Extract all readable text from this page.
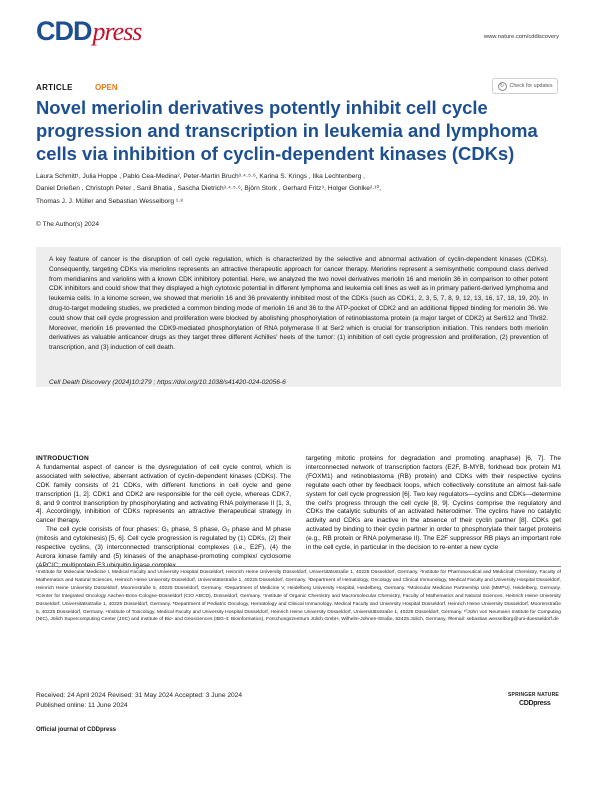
CDDpress	www.nature.com/cddiscovery
ARTICLE	OPEN	↻	Check for updates
Novel meriolin derivatives potently inhibit cell cycle progression and transcription in leukemia and lymphoma cells via inhibition of cyclin-dependent kinases (CDKs)
Laura Schmitt¹, Julia Hoppe , Pablo Cea-Medina², Peter-Martin Bruch³·⁴·⁵·⁶, Karina S. Krings , Ilka Lechtenberg ,
Daniel Drießen , Christoph Peter , Sanil Bhatia , Sascha Dietrich³·⁴·⁵·⁶, Björn Stork , Gerhard Fritz⁹, Holger Gohlke²·¹⁰,
Thomas J. J. Müller and Sebastian Wesselborg ¹·⁸
© The Author(s) 2024
A key feature of cancer is the disruption of cell cycle regulation, which is characterized by the selective and abnormal activation of cyclin-dependent kinases (CDKs). Consequently, targeting CDKs via meriolins represents an attractive therapeutic approach for cancer therapy. Meriolins represent a semisynthetic compound class derived from meridianins and variolins with a known CDK inhibitory potential. Here, we analyzed the two novel derivatives meriolin 16 and meriolin 36 in comparison to other potent CDK inhibitors and could show that they displayed a high cytotoxic potential in different lymphoma and leukemia cell lines as well as in primary patient-derived lymphoma and leukemia cells. In a kinome screen, we showed that meriolin 16 and 36 prevalently inhibited most of the CDKs (such as CDK1, 2, 3, 5, 7, 8, 9, 12, 13, 16, 17, 18, 19, 20). In drug-to-target modeling studies, we predicted a common binding mode of meriolin 16 and 36 to the ATP-pocket of CDK2 and an additional flipped binding for meriolin 36. We could show that cell cycle progression and proliferation were blocked by abolishing phosphorylation of retinoblastoma protein (a major target of CDK2) at Ser612 and Thr82. Moreover, meriolin 16 prevented the CDK9-mediated phosphorylation of RNA polymerase II at Ser2 which is crucial for transcription initiation. This renders both meriolin derivatives as valuable anticancer drugs as they target three different Achilles' heels of the tumor: (1) inhibition of cell cycle progression and proliferation, (2) prevention of transcription, and (3) induction of cell death.
Cell Death Discovery (2024)10:279 ; https://doi.org/10.1038/s41420-024-02056-6

INTRODUCTION

A fundamental aspect of cancer is the dysregulation of cell cycle control, which is associated with selective, aberrant activation of cyclin-dependent kinases (CDKs). The CDK family consists of 21 CDKs, with different functions in cell cycle and gene transcription [1, 2]. CDK1 and CDK2 are responsible for the cell cycle, whereas CDK7, 8, and 9 control transcription by phosphorylating and activating RNA polymerase II [1, 3, 4]. Accordingly, inhibition of CDKs represents an attractive therapeutical strategy in cancer therapy.

The cell cycle consists of four phases: G₁ phase, S phase, G₂ phase and M phase (mitosis and cytokinesis) [5, 6]. Cell cycle progression is regulated by (1) CDKs, (2) their respective cyclins, (3) interconnected transcriptional complexes (i.e., E2F), (4) the Aurora kinase family and (5) kinases of the anaphase-promoting complex/ cyclosome (APC/C; multiprotein E3 ubiquitin ligase complex

targeting mitotic proteins for degradation and promoting anaphase) [6, 7]. The interconnected network of transcription factors (E2F, B-MYB, forkhead box protein M1 (FOXM1) and retinoblastoma (RB) protein) and CDKs with their respective cyclins regulate each other by feedback loops, which collectively constitute an almost fail-safe system for cell cycle progression [6]. Two key regulators—cyclins and CDKs—determine the cell's progress through the cell cycle [8, 9]. Cyclins comprise the regulatory and CDKs the catalytic subunits of an activated heterodimer. The cyclins have no catalytic activity and CDKs are inactive in the absence of their cyclin partner [8]. CDKs get activated by binding to their cyclin partner in order to phosphorylate their target proteins (e.g., RB protein or RNA polymerase II). The E2F suppressor RB plays an important role in the cell cycle, in particular in the decision to re-enter a new cycle

¹Institute for Molecular Medicine I, Medical Faculty and University Hospital Düsseldorf, Heinrich Heine University Düsseldorf, Universitätsstraße 1, 40225 Düsseldorf, Germany. ²Institute for Pharmaceutical and Medicinal Chemistry, Faculty of Mathematics and Natural Sciences, Heinrich Heine University Düsseldorf, Universitätsstraße 1, 40225 Düsseldorf, Germany. ³Department of Hematology, Oncology and Clinical Immunology, Medical Faculty and University Hospital Düsseldorf, Heinrich Heine University Düsseldorf, Moorenstraße 5, 40225 Düsseldorf, Germany. ⁴Department of Medicine V, Heidelberg University Hospital, Heidelberg, Germany. ⁵Molecular Medicine Partnership Unit (MMPU), Heidelberg, Germany. ⁶Center for Integrated Oncology Aachen-Bonn-Cologne-Düsseldorf (CIO ABCD), Düsseldorf, Germany. ⁷Institute of Organic Chemistry and Macromolecular Chemistry, Faculty of Mathematics and Natural Sciences, Heinrich Heine University Düsseldorf, Universitätsstraße 1, 40225 Düsseldorf, Germany. ⁸Department of Pediatric Oncology, Hematology and Clinical Immunology, Medical Faculty and University Hospital Düsseldorf, Heinrich Heine University Düsseldorf, Moorenstraße 5, 40225 Düsseldorf, Germany. ⁹Institute of Toxicology, Medical Faculty and University Hospital Düsseldorf, Heinrich Heine University Düsseldorf, Universitätsstraße 1, 40225 Düsseldorf, Germany. ¹⁰John von Neumann Institute for Computing (NIC), Jülich Supercomputing Center (JSC) and Institute of Bio- and Geosciences (IBG-4: Bioinformatics), Forschungszentrum Jülich GmbH, Wilhelm-Johnen-Straße, 52425 Jülich, Germany. ✉email: sebastian.wesselborg@uni-duesseldorf.de
Received: 24 April 2024 Revised: 31 May 2024 Accepted: 3 June 2024
Published online: 11 June 2024
Official journal of CDDpress
SPRINGER NATURE
CDDpress
